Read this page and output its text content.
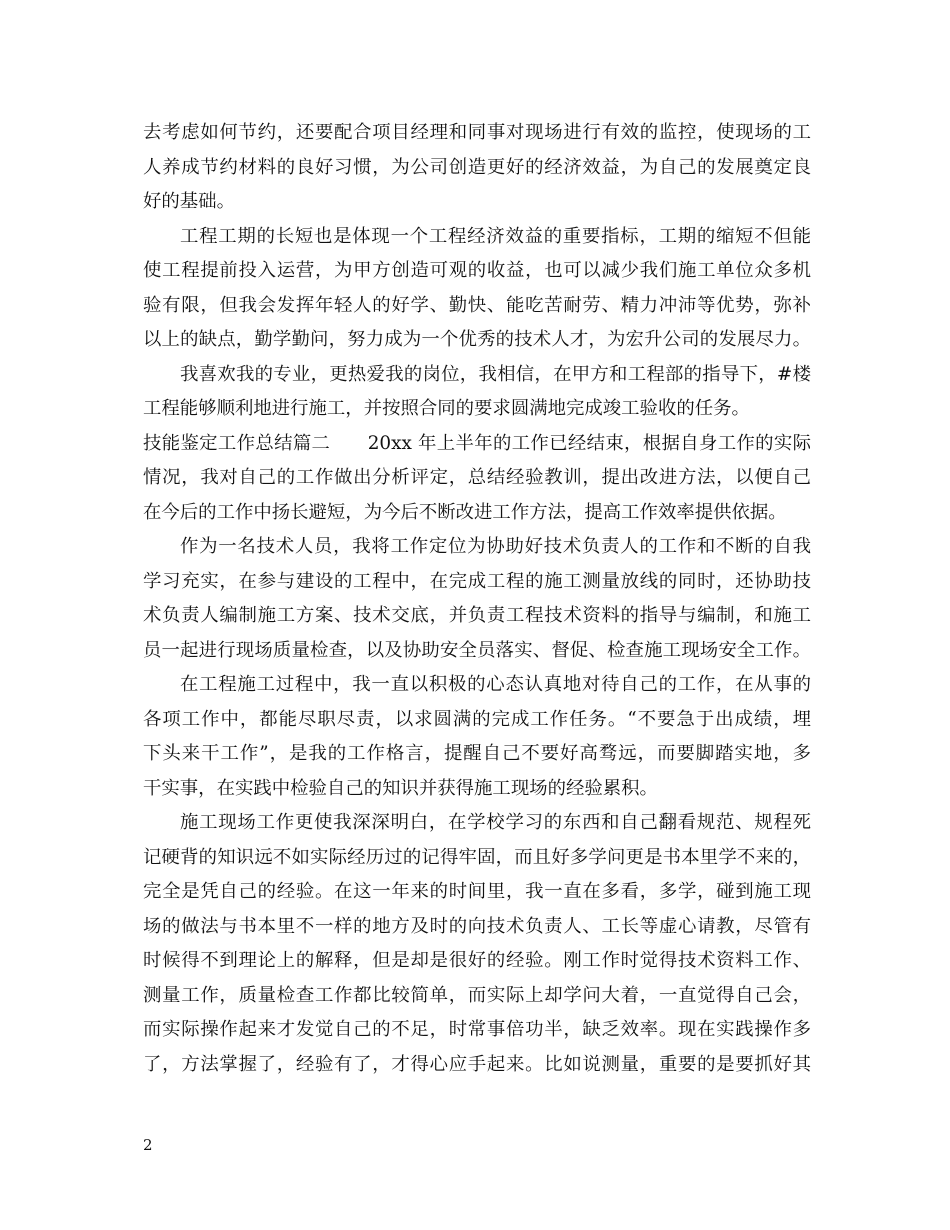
去考虑如何节约，还要配合项目经理和同事对现场进行有效的监控，使现场的工
人养成节约材料的良好习惯，为公司创造更好的经济效益，为自己的发展奠定良
好的基础。
工程工期的长短也是体现一个工程经济效益的重要指标，工期的缩短不但能
使工程提前投入运营，为甲方创造可观的收益，也可以减少我们施工单位众多机
验有限，但我会发挥年轻人的好学、勤快、能吃苦耐劳、精力冲沛等优势，弥补
以上的缺点，勤学勤问，努力成为一个优秀的技术人才，为宏升公司的发展尽力。
我喜欢我的专业，更热爱我的岗位，我相信，在甲方和工程部的指导下，#楼
工程能够顺利地进行施工，并按照合同的要求圆满地完成竣工验收的任务。
技能鉴定工作总结篇二　　20xx 年上半年的工作已经结束，根据自身工作的实际
情况，我对自己的工作做出分析评定，总结经验教训，提出改进方法，以便自己
在今后的工作中扬长避短，为今后不断改进工作方法，提高工作效率提供依据。
作为一名技术人员，我将工作定位为协助好技术负责人的工作和不断的自我
学习充实，在参与建设的工程中，在完成工程的施工测量放线的同时，还协助技
术负责人编制施工方案、技术交底，并负责工程技术资料的指导与编制，和施工
员一起进行现场质量检查，以及协助安全员落实、督促、检查施工现场安全工作。
在工程施工过程中，我一直以积极的心态认真地对待自己的工作，在从事的
各项工作中，都能尽职尽责，以求圆满的完成工作任务。“不要急于出成绩，埋
下头来干工作”，是我的工作格言，提醒自己不要好高骛远，而要脚踏实地，多
干实事，在实践中检验自己的知识并获得施工现场的经验累积。
施工现场工作更使我深深明白，在学校学习的东西和自己翻看规范、规程死
记硬背的知识远不如实际经历过的记得牢固，而且好多学问更是书本里学不来的，
完全是凭自己的经验。在这一年来的时间里，我一直在多看，多学，碰到施工现
场的做法与书本里不一样的地方及时的向技术负责人、工长等虚心请教，尽管有
时候得不到理论上的解释，但是却是很好的经验。刚工作时觉得技术资料工作、
测量工作，质量检查工作都比较简单，而实际上却学问大着，一直觉得自己会，
而实际操作起来才发觉自己的不足，时常事倍功半，缺乏效率。现在实践操作多
了，方法掌握了，经验有了，才得心应手起来。比如说测量，重要的是要抓好其
2
